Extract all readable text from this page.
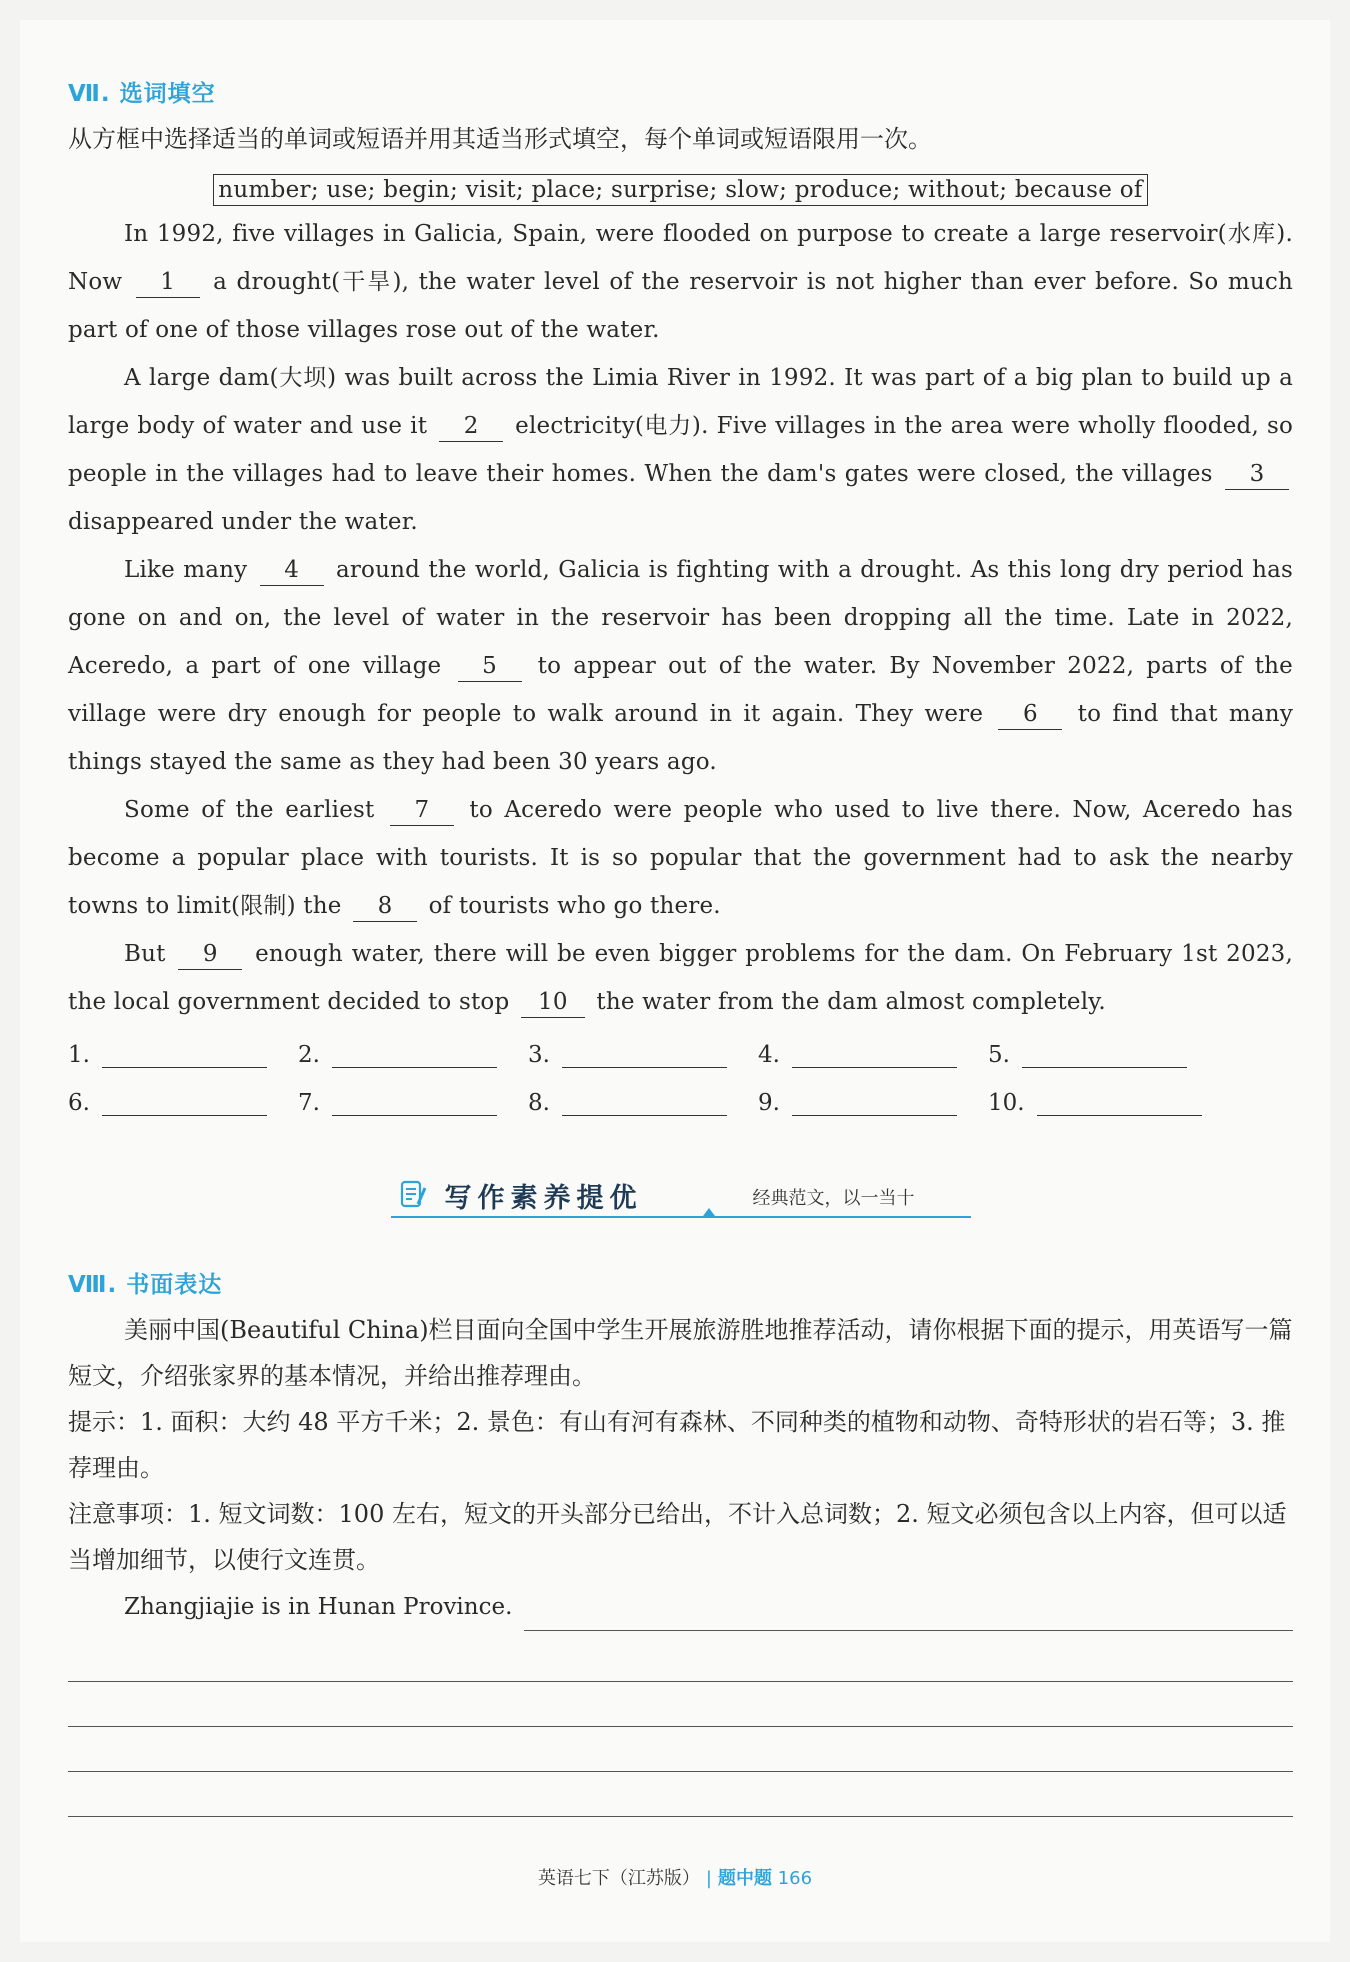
Ⅶ. 选词填空

从方框中选择适当的单词或短语并用其适当形式填空，每个单词或短语限用一次。

number; use; begin; visit; place; surprise; slow; produce; without; because of

In 1992, five villages in Galicia, Spain, were flooded on purpose to create a large reservoir(水库). Now 1 a drought(干旱), the water level of the reservoir is not higher than ever before. So much part of one of those villages rose out of the water.

A large dam(大坝) was built across the Limia River in 1992. It was part of a big plan to build up a large body of water and use it 2 electricity(电力). Five villages in the area were wholly flooded, so people in the villages had to leave their homes. When the dam's gates were closed, the villages 3 disappeared under the water.

Like many 4 around the world, Galicia is fighting with a drought. As this long dry period has gone on and on, the level of water in the reservoir has been dropping all the time. Late in 2022, Aceredo, a part of one village 5 to appear out of the water. By November 2022, parts of the village were dry enough for people to walk around in it again. They were 6 to find that many things stayed the same as they had been 30 years ago.

Some of the earliest 7 to Aceredo were people who used to live there. Now, Aceredo has become a popular place with tourists. It is so popular that the government had to ask the nearby towns to limit(限制) the 8 of tourists who go there.

But 9 enough water, there will be even bigger problems for the dam. On February 1st 2023, the local government decided to stop 10 the water from the dam almost completely.

1.	2.	3.	4.	5.
6.	7.	8.	9.	10.
写作素养提优	经典范文，以一当十
Ⅷ. 书面表达

美丽中国(Beautiful China)栏目面向全国中学生开展旅游胜地推荐活动，请你根据下面的提示，用英语写一篇短文，介绍张家界的基本情况，并给出推荐理由。

提示：1. 面积：大约 48 平方千米；2. 景色：有山有河有森林、不同种类的植物和动物、奇特形状的岩石等；3. 推荐理由。

注意事项：1. 短文词数：100 左右，短文的开头部分已给出，不计入总词数；2. 短文必须包含以上内容，但可以适当增加细节，以使行文连贯。

Zhangjiajie is in Hunan Province.
英语七下（江苏版） | 题中题 166
